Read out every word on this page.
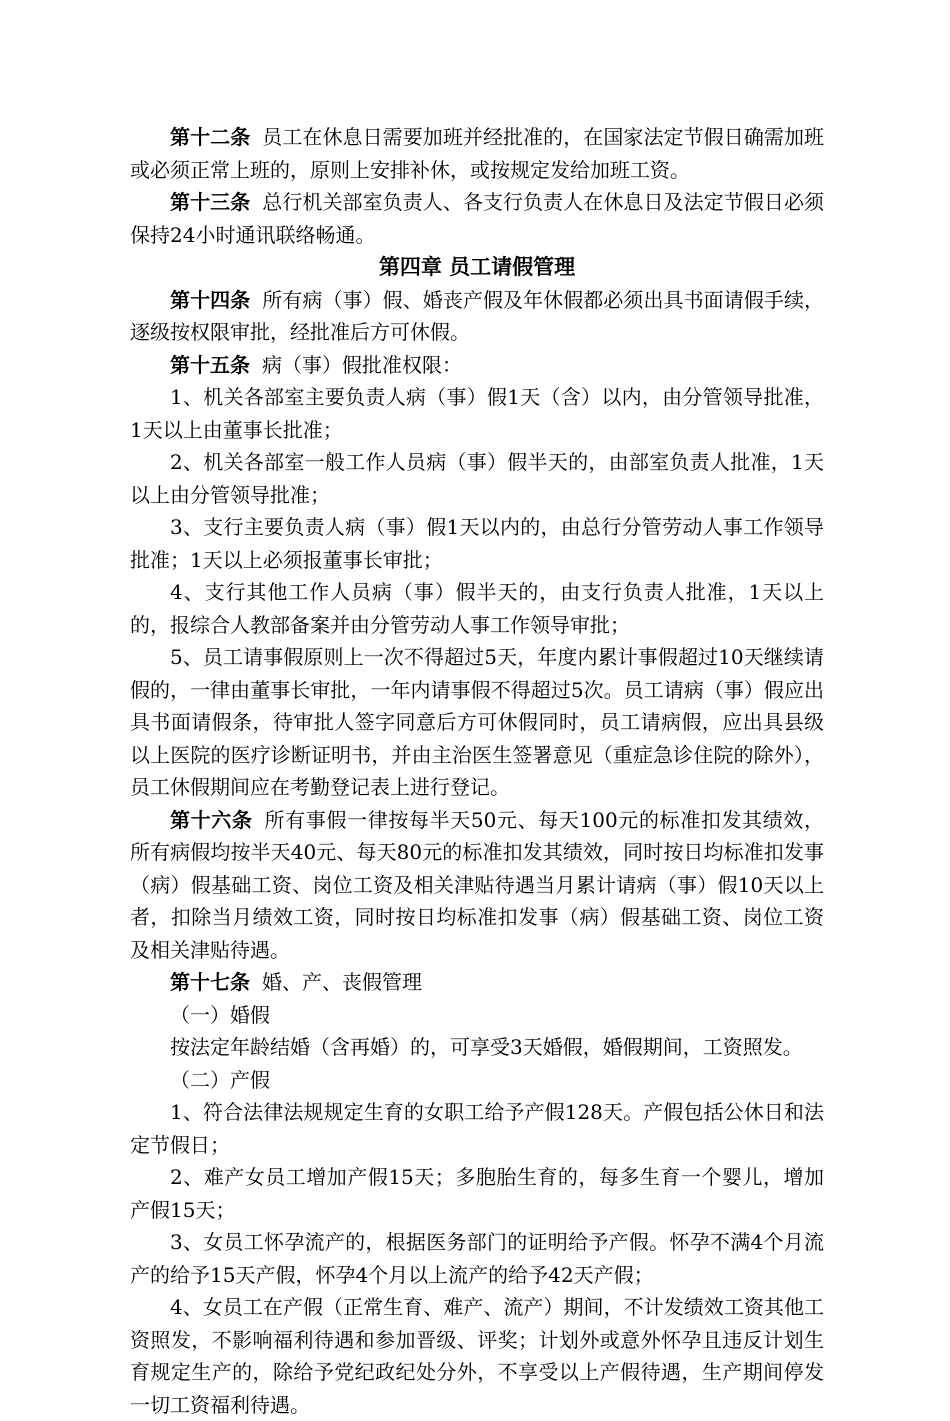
第十二条 员工在休息日需要加班并经批准的，在国家法定节假日确需加班或必须正常上班的，原则上安排补休，或按规定发给加班工资。

第十三条 总行机关部室负责人、各支行负责人在休息日及法定节假日必须保持24小时通讯联络畅通。

第四章 员工请假管理

第十四条 所有病（事）假、婚丧产假及年休假都必须出具书面请假手续，逐级按权限审批，经批准后方可休假。

第十五条 病（事）假批准权限：

1、机关各部室主要负责人病（事）假1天（含）以内，由分管领导批准，1天以上由董事长批准；

2、机关各部室一般工作人员病（事）假半天的，由部室负责人批准，1天以上由分管领导批准；

3、支行主要负责人病（事）假1天以内的，由总行分管劳动人事工作领导批准；1天以上必须报董事长审批；

4、支行其他工作人员病（事）假半天的，由支行负责人批准，1天以上的，报综合人教部备案并由分管劳动人事工作领导审批；

5、员工请事假原则上一次不得超过5天，年度内累计事假超过10天继续请假的，一律由董事长审批，一年内请事假不得超过5次。员工请病（事）假应出具书面请假条，待审批人签字同意后方可休假同时，员工请病假，应出具县级以上医院的医疗诊断证明书，并由主治医生签署意见（重症急诊住院的除外），员工休假期间应在考勤登记表上进行登记。

第十六条 所有事假一律按每半天50元、每天100元的标准扣发其绩效，所有病假均按半天40元、每天80元的标准扣发其绩效，同时按日均标准扣发事（病）假基础工资、岗位工资及相关津贴待遇当月累计请病（事）假10天以上者，扣除当月绩效工资，同时按日均标准扣发事（病）假基础工资、岗位工资及相关津贴待遇。

第十七条 婚、产、丧假管理

（一）婚假

按法定年龄结婚（含再婚）的，可享受3天婚假，婚假期间，工资照发。

（二）产假

1、符合法律法规规定生育的女职工给予产假128天。产假包括公休日和法定节假日；

2、难产女员工增加产假15天；多胞胎生育的，每多生育一个婴儿，增加产假15天；

3、女员工怀孕流产的，根据医务部门的证明给予产假。怀孕不满4个月流产的给予15天产假，怀孕4个月以上流产的给予42天产假；

4、女员工在产假（正常生育、难产、流产）期间，不计发绩效工资其他工资照发，不影响福利待遇和参加晋级、评奖；计划外或意外怀孕且违反计划生育规定生产的，除给予党纪政纪处分外，不享受以上产假待遇，生产期间停发一切工资福利待遇。
